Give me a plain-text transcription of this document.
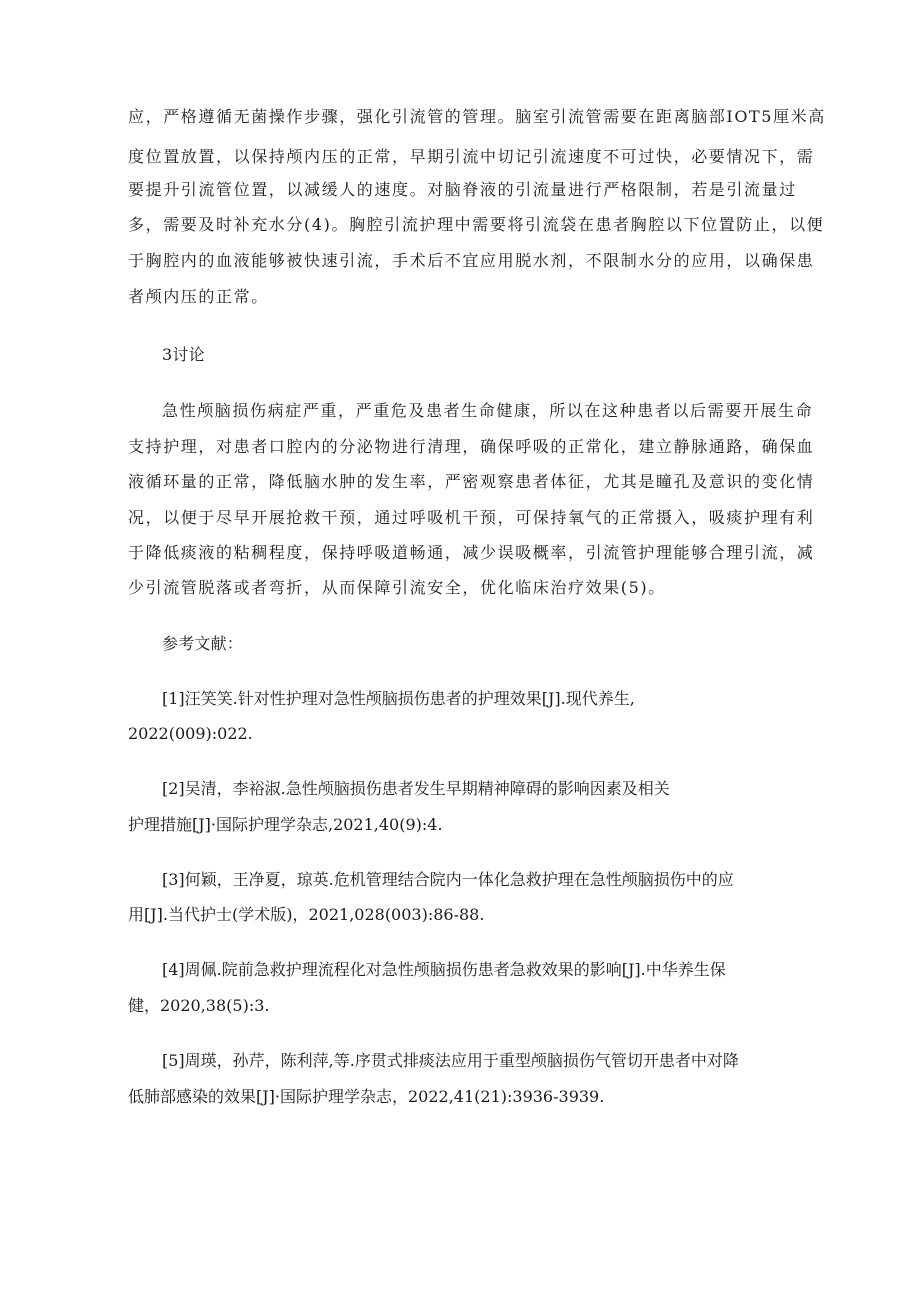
应，严格遵循无菌操作步骤，强化引流管的管理。脑室引流管需要在距离脑部IOT5厘米高
度位置放置，以保持颅内压的正常，早期引流中切记引流速度不可过快，必要情况下，需
要提升引流管位置，以减缓人的速度。对脑脊液的引流量进行严格限制，若是引流量过
多，需要及时补充水分(4)。胸腔引流护理中需要将引流袋在患者胸腔以下位置防止，以便
于胸腔内的血液能够被快速引流，手术后不宜应用脱水剂，不限制水分的应用，以确保患
者颅内压的正常。
3讨论
急性颅脑损伤病症严重，严重危及患者生命健康，所以在这种患者以后需要开展生命
支持护理，对患者口腔内的分泌物进行清理，确保呼吸的正常化，建立静脉通路，确保血
液循环量的正常，降低脑水肿的发生率，严密观察患者体征，尤其是瞳孔及意识的变化情
况，以便于尽早开展抢救干预，通过呼吸机干预，可保持氧气的正常摄入，吸痰护理有利
于降低痰液的粘稠程度，保持呼吸道畅通，减少误吸概率，引流管护理能够合理引流，减
少引流管脱落或者弯折，从而保障引流安全，优化临床治疗效果(5)。
参考文献：
[1]汪笑笑.针对性护理对急性颅脑损伤患者的护理效果[J].现代养生,
2022(009):022.
[2]吴清，李裕淑.急性颅脑损伤患者发生早期精神障碍的影响因素及相关
护理措施[J]·国际护理学杂志,2021,40(9):4.
[3]何颖，王净夏，琼英.危机管理结合院内一体化急救护理在急性颅脑损伤中的应
用[J].当代护士(学术版)，2021,028(003):86-88.
[4]周佩.院前急救护理流程化对急性颅脑损伤患者急救效果的影响[J].中华养生保
健，2020,38(5):3.
[5]周瑛，孙芹，陈利萍,等.序贯式排痰法应用于重型颅脑损伤气管切开患者中对降
低肺部感染的效果[J]·国际护理学杂志，2022,41(21):3936-3939.
